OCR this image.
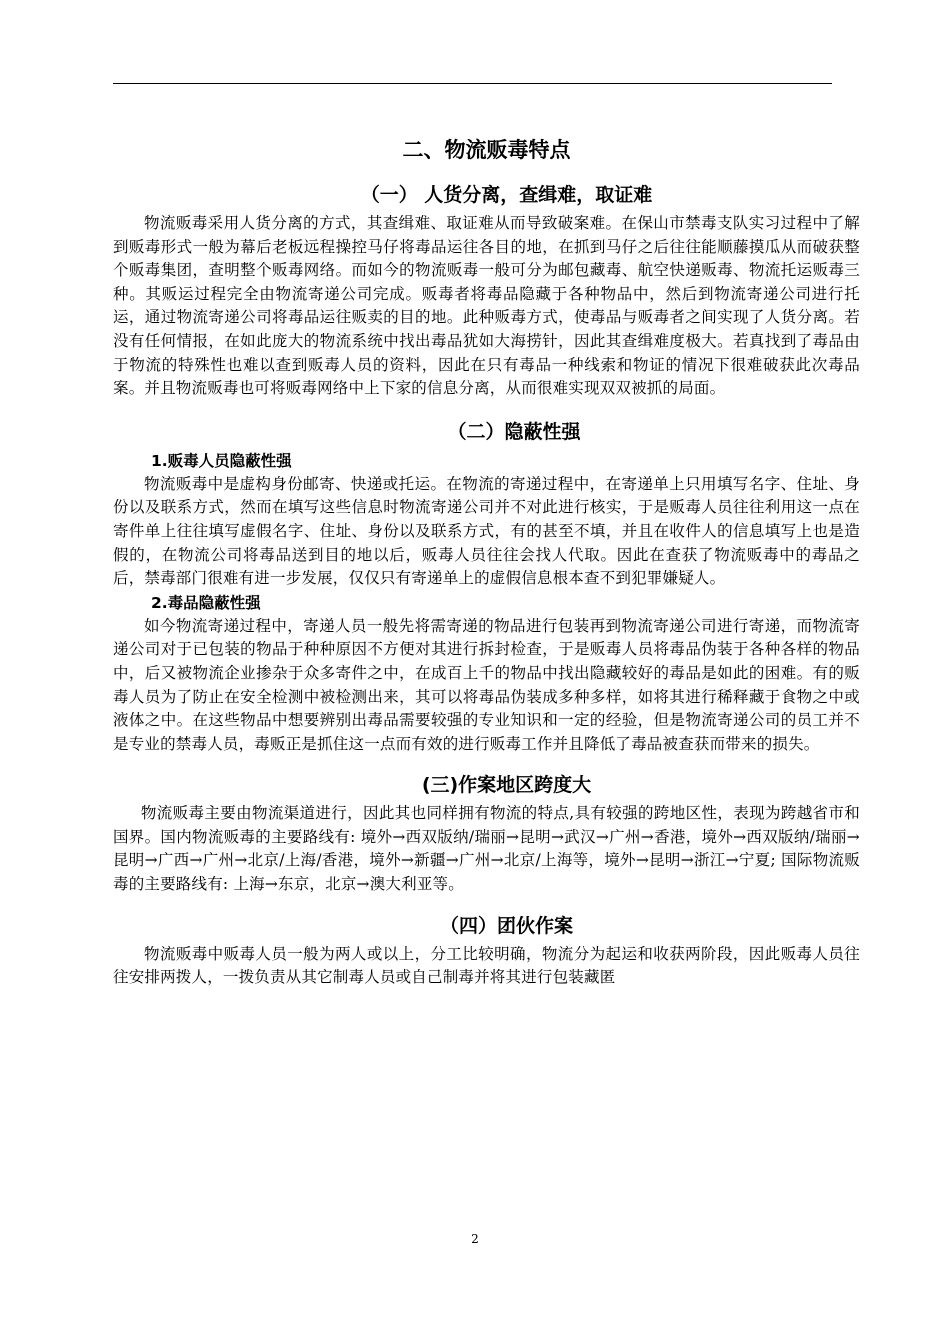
二、物流贩毒特点
（一） 人货分离，查缉难，取证难

物流贩毒采用人货分离的方式，其查缉难、取证难从而导致破案难。在保山市禁毒支队实习过程中了解到贩毒形式一般为幕后老板远程操控马仔将毒品运往各目的地，在抓到马仔之后往往能顺藤摸瓜从而破获整个贩毒集团，查明整个贩毒网络。而如今的物流贩毒一般可分为邮包藏毒、航空快递贩毒、物流托运贩毒三种。其贩运过程完全由物流寄递公司完成。贩毒者将毒品隐藏于各种物品中，然后到物流寄递公司进行托运，通过物流寄递公司将毒品运往贩卖的目的地。此种贩毒方式，使毒品与贩毒者之间实现了人货分离。若没有任何情报，在如此庞大的物流系统中找出毒品犹如大海捞针，因此其查缉难度极大。若真找到了毒品由于物流的特殊性也难以查到贩毒人员的资料，因此在只有毒品一种线索和物证的情况下很难破获此次毒品案。并且物流贩毒也可将贩毒网络中上下家的信息分离，从而很难实现双双被抓的局面。

（二）隐蔽性强
1.贩毒人员隐蔽性强

物流贩毒中是虚构身份邮寄、快递或托运。在物流的寄递过程中，在寄递单上只用填写名字、住址、身份以及联系方式，然而在填写这些信息时物流寄递公司并不对此进行核实，于是贩毒人员往往利用这一点在寄件单上往往填写虚假名字、住址、身份以及联系方式，有的甚至不填，并且在收件人的信息填写上也是造假的，在物流公司将毒品送到目的地以后，贩毒人员往往会找人代取。因此在查获了物流贩毒中的毒品之后，禁毒部门很难有进一步发展，仅仅只有寄递单上的虚假信息根本查不到犯罪嫌疑人。

2.毒品隐蔽性强

如今物流寄递过程中，寄递人员一般先将需寄递的物品进行包装再到物流寄递公司进行寄递，而物流寄递公司对于已包装的物品于种种原因不方便对其进行拆封检查，于是贩毒人员将毒品伪装于各种各样的物品中，后又被物流企业掺杂于众多寄件之中，在成百上千的物品中找出隐藏较好的毒品是如此的困难。有的贩毒人员为了防止在安全检测中被检测出来，其可以将毒品伪装成多种多样，如将其进行稀释藏于食物之中或液体之中。在这些物品中想要辨别出毒品需要较强的专业知识和一定的经验，但是物流寄递公司的员工并不是专业的禁毒人员，毒贩正是抓住这一点而有效的进行贩毒工作并且降低了毒品被查获而带来的损失。

(三)作案地区跨度大

物流贩毒主要由物流渠道进行，因此其也同样拥有物流的特点,具有较强的跨地区性，表现为跨越省市和国界。国内物流贩毒的主要路线有: 境外→西双版纳/瑞丽→昆明→武汉→广州→香港，境外→西双版纳/瑞丽→昆明→广西→广州→北京/上海/香港，境外→新疆→广州→北京/上海等，境外→昆明→浙江→宁夏; 国际物流贩毒的主要路线有: 上海→东京，北京→澳大利亚等。

（四）团伙作案

物流贩毒中贩毒人员一般为两人或以上，分工比较明确，物流分为起运和收获两阶段，因此贩毒人员往往安排两拨人，一拨负责从其它制毒人员或自己制毒并将其进行包装藏匿

2
